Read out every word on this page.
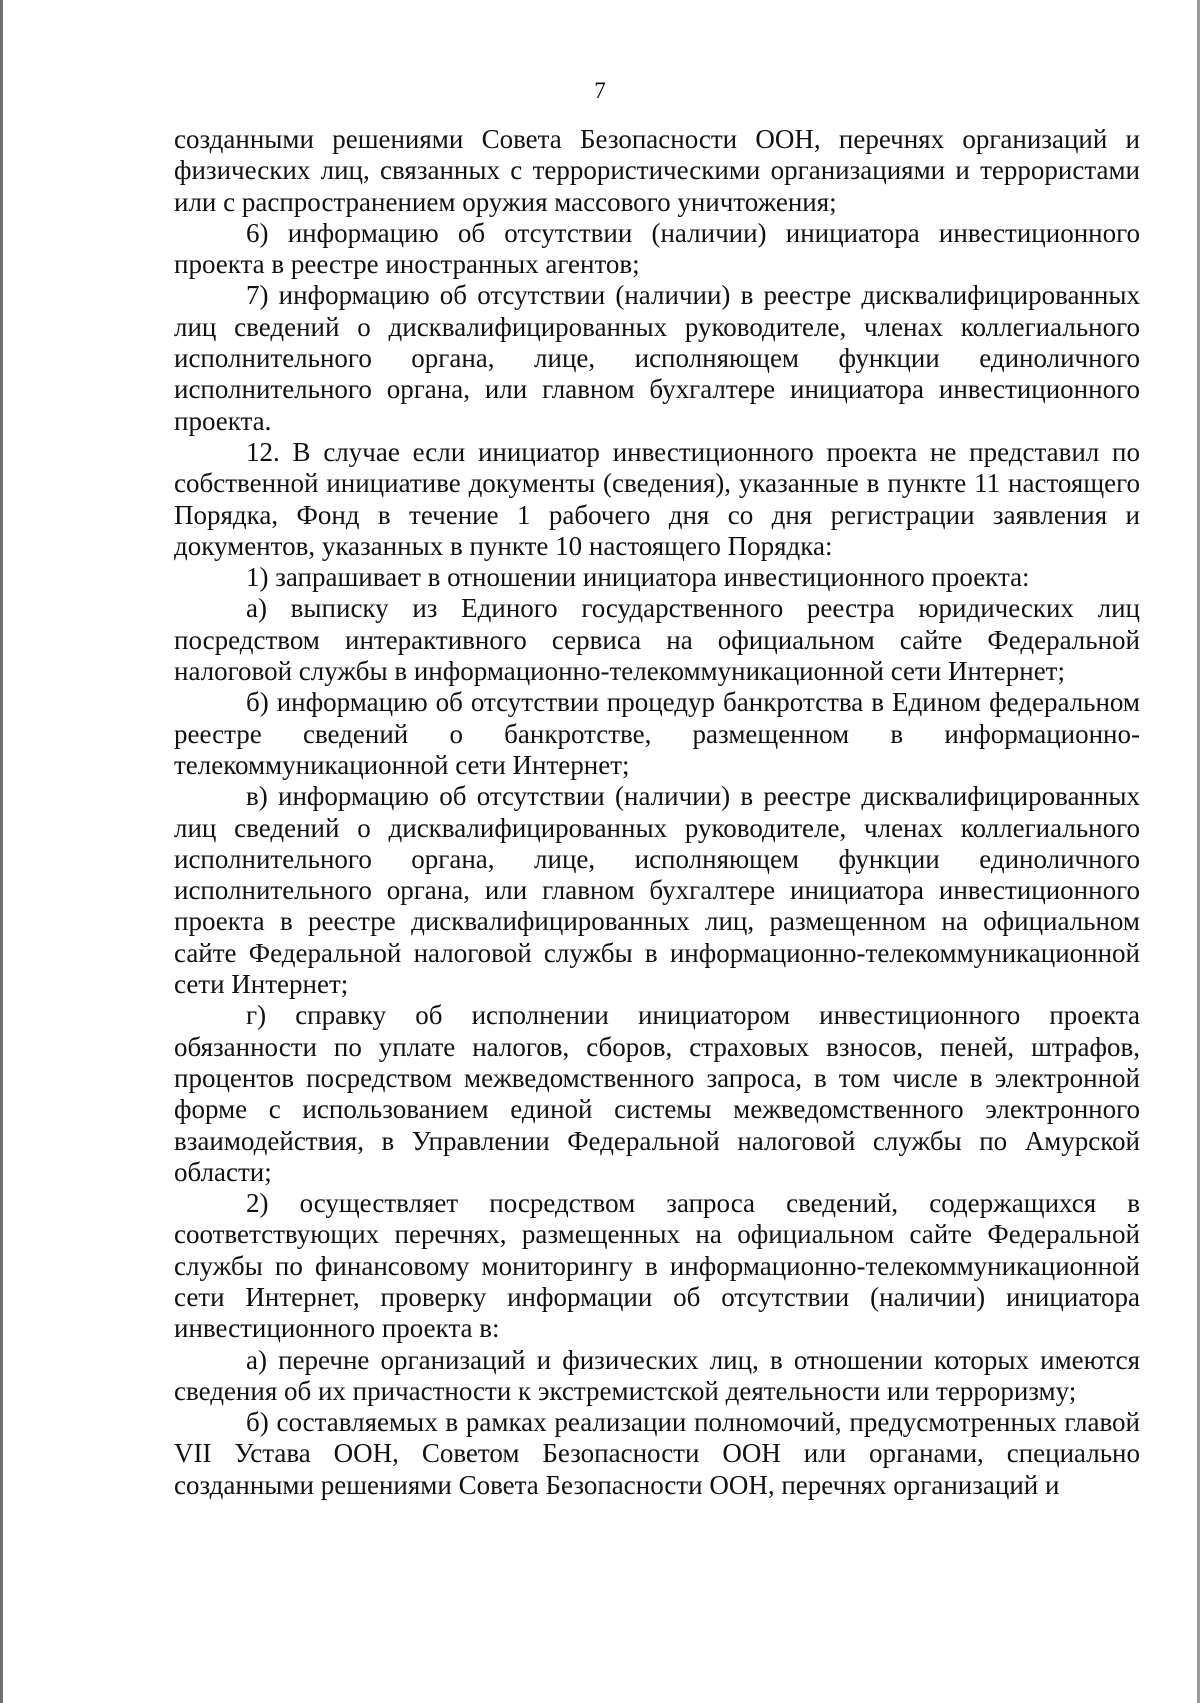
7

созданными решениями Совета Безопасности ООН, перечнях организаций и физических лиц, связанных с террористическими организациями и террористами или с распространением оружия массового уничтожения;

6) информацию об отсутствии (наличии) инициатора инвестиционного проекта в реестре иностранных агентов;

7) информацию об отсутствии (наличии) в реестре дисквалифицированных лиц сведений о дисквалифицированных руководителе, членах коллегиального исполнительного органа, лице, исполняющем функции единоличного исполнительного органа, или главном бухгалтере инициатора инвестиционного проекта.

12. В случае если инициатор инвестиционного проекта не представил по собственной инициативе документы (сведения), указанные в пункте 11 настоящего Порядка, Фонд в течение 1 рабочего дня со дня регистрации заявления и документов, указанных в пункте 10 настоящего Порядка:

1) запрашивает в отношении инициатора инвестиционного проекта:

а) выписку из Единого государственного реестра юридических лиц посредством интерактивного сервиса на официальном сайте Федеральной налоговой службы в информационно-телекоммуникационной сети Интернет;

б) информацию об отсутствии процедур банкротства в Едином федеральном реестре сведений о банкротстве, размещенном в информационно-телекоммуникационной сети Интернет;

в) информацию об отсутствии (наличии) в реестре дисквалифицированных лиц сведений о дисквалифицированных руководителе, членах коллегиального исполнительного органа, лице, исполняющем функции единоличного исполнительного органа, или главном бухгалтере инициатора инвестиционного проекта в реестре дисквалифицированных лиц, размещенном на официальном сайте Федеральной налоговой службы в информационно-телекоммуникационной сети Интернет;

г) справку об исполнении инициатором инвестиционного проекта обязанности по уплате налогов, сборов, страховых взносов, пеней, штрафов, процентов посредством межведомственного запроса, в том числе в электронной форме с использованием единой системы межведомственного электронного взаимодействия, в Управлении Федеральной налоговой службы по Амурской области;

2) осуществляет посредством запроса сведений, содержащихся в соответствующих перечнях, размещенных на официальном сайте Федеральной службы по финансовому мониторингу в информационно-телекоммуникационной сети Интернет, проверку информации об отсутствии (наличии) инициатора инвестиционного проекта в:

а) перечне организаций и физических лиц, в отношении которых имеются сведения об их причастности к экстремистской деятельности или терроризму;

б) составляемых в рамках реализации полномочий, предусмотренных главой VII Устава ООН, Советом Безопасности ООН или органами, специально созданными решениями Совета Безопасности ООН, перечнях организаций и
